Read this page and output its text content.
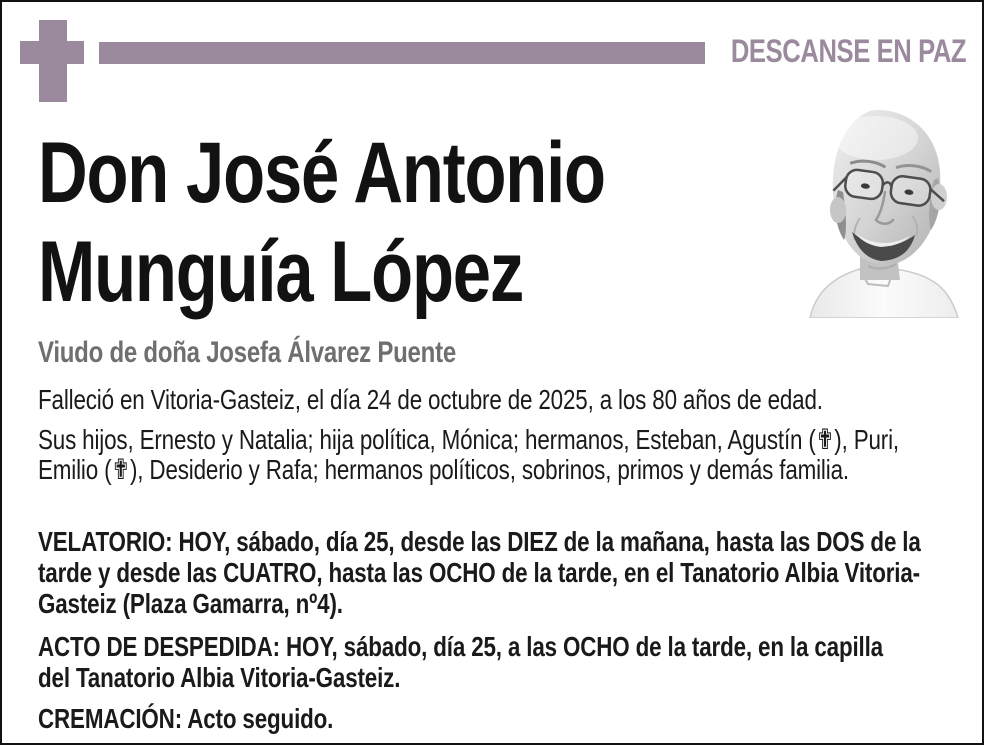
DESCANSE EN PAZ
Don José Antonio
Munguía López
Viudo de doña Josefa Álvarez Puente
Falleció en Vitoria-Gasteiz, el día 24 de octubre de 2025, a los 80 años de edad.
Sus hijos, Ernesto y Natalia; hija política, Mónica; hermanos, Esteban, Agustín (✟), Puri, Emilio (✟), Desiderio y Rafa; hermanos políticos, sobrinos, primos y demás familia.
VELATORIO: HOY, sábado, día 25, desde las DIEZ de la mañana, hasta las DOS de la tarde y desde las CUATRO, hasta las OCHO de la tarde, en el Tanatorio Albia Vitoria-Gasteiz (Plaza Gamarra, nº4).
ACTO DE DESPEDIDA: HOY, sábado, día 25, a las OCHO de la tarde, en la capilla del Tanatorio Albia Vitoria-Gasteiz.
CREMACIÓN: Acto seguido.
